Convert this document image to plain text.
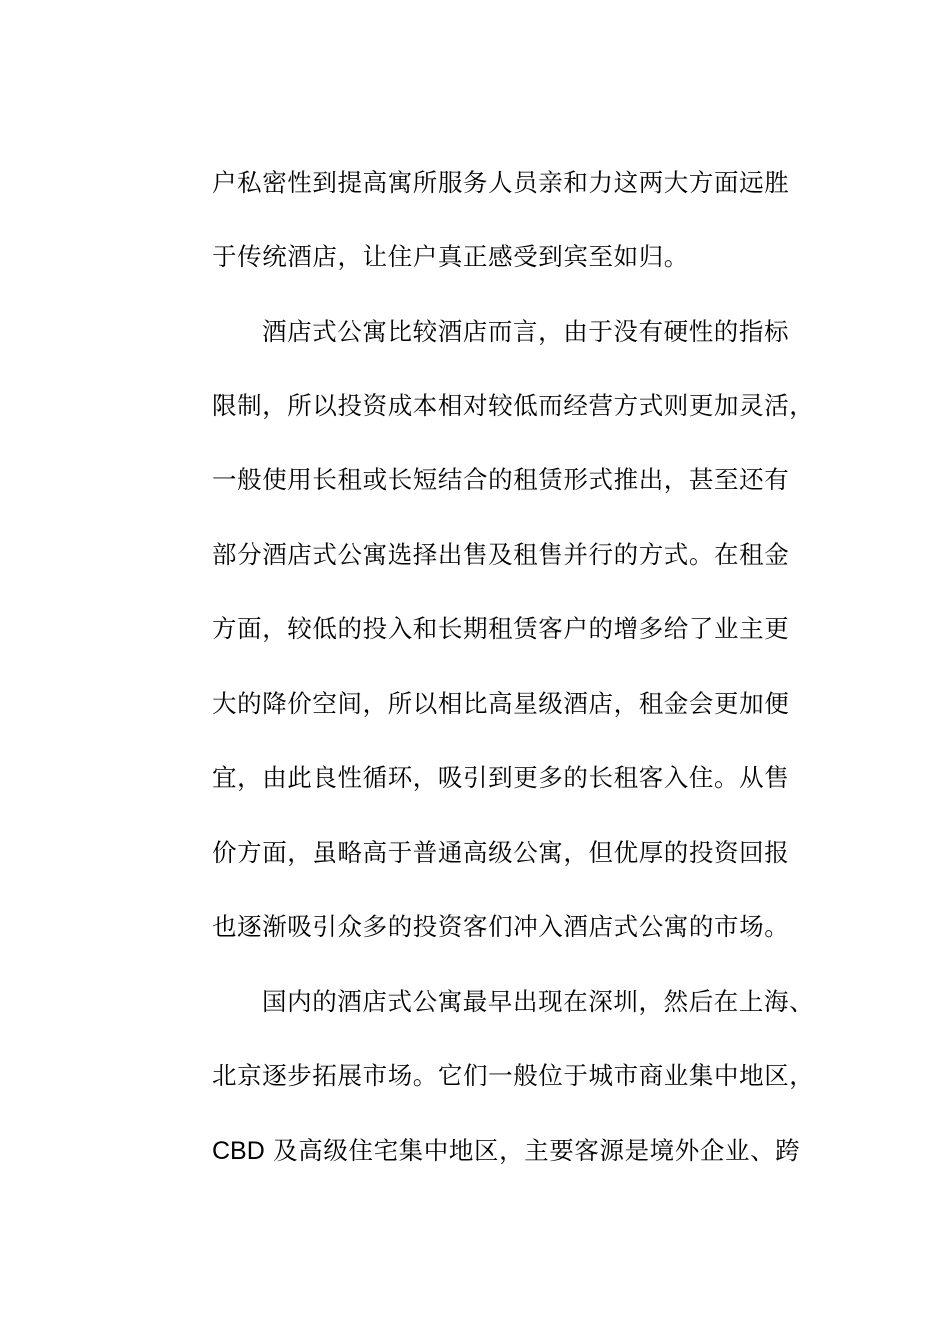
户私密性到提高寓所服务人员亲和力这两大方面远胜
于传统酒店，让住户真正感受到宾至如归。
酒店式公寓比较酒店而言，由于没有硬性的指标
限制，所以投资成本相对较低而经营方式则更加灵活，
一般使用长租或长短结合的租赁形式推出，甚至还有
部分酒店式公寓选择出售及租售并行的方式。在租金
方面，较低的投入和长期租赁客户的增多给了业主更
大的降价空间，所以相比高星级酒店，租金会更加便
宜，由此良性循环，吸引到更多的长租客入住。从售
价方面，虽略高于普通高级公寓，但优厚的投资回报
也逐渐吸引众多的投资客们冲入酒店式公寓的市场。
国内的酒店式公寓最早出现在深圳，然后在上海、
北京逐步拓展市场。它们一般位于城市商业集中地区，
CBD 及高级住宅集中地区，主要客源是境外企业、跨
